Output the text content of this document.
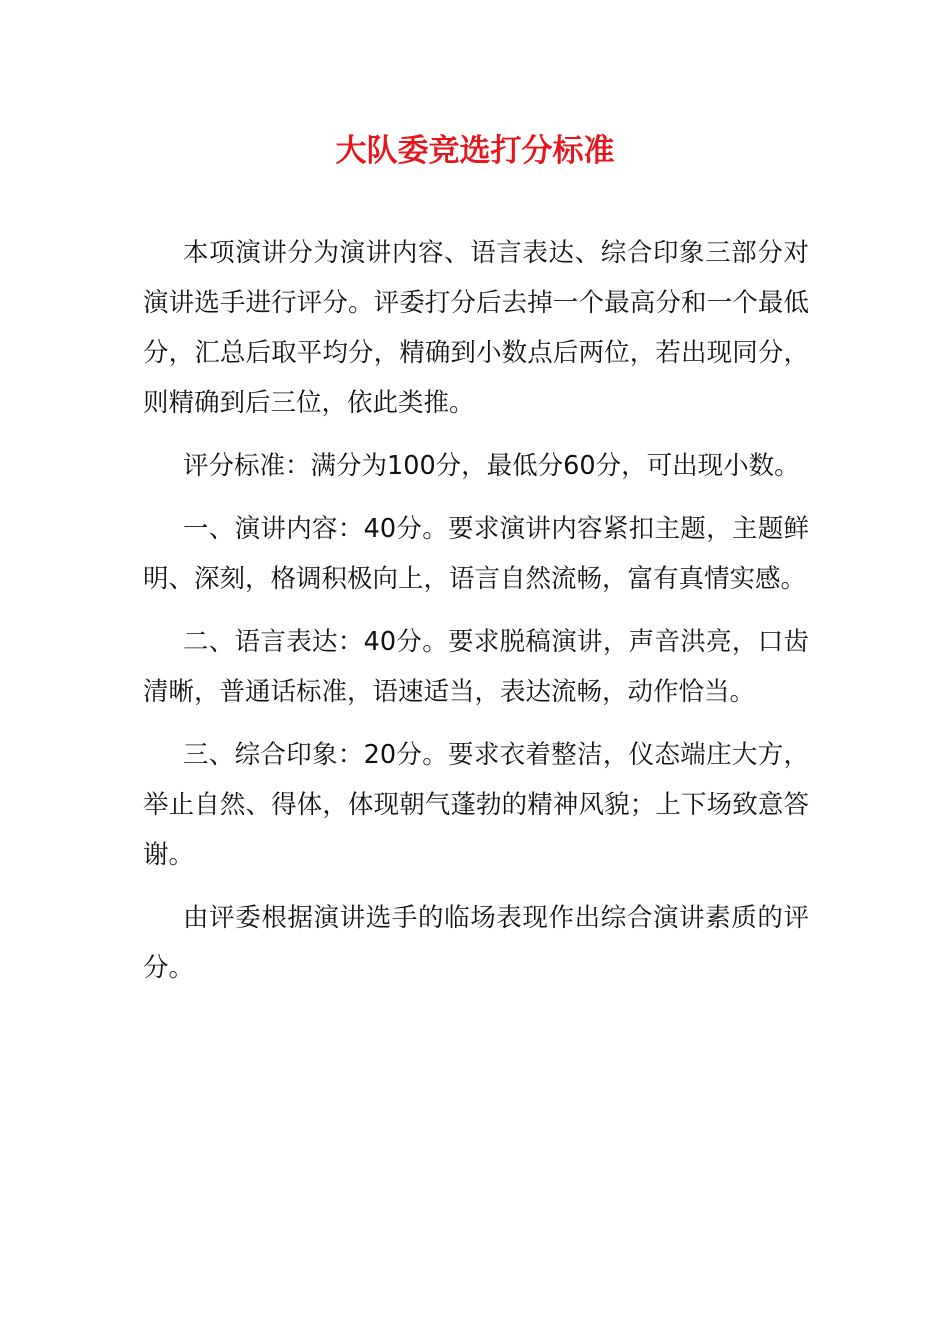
大队委竞选打分标准

本项演讲分为演讲内容、语言表达、综合印象三部分对演讲选手进行评分。评委打分后去掉一个最高分和一个最低分，汇总后取平均分，精确到小数点后两位，若出现同分，则精确到后三位，依此类推。

评分标准：满分为100分，最低分60分，可出现小数。

一、演讲内容：40分。要求演讲内容紧扣主题，主题鲜明、深刻，格调积极向上，语言自然流畅，富有真情实感。

二、语言表达：40分。要求脱稿演讲，声音洪亮，口齿清晰，普通话标准，语速适当，表达流畅，动作恰当。

三、综合印象：20分。要求衣着整洁，仪态端庄大方，举止自然、得体，体现朝气蓬勃的精神风貌；上下场致意答谢。

由评委根据演讲选手的临场表现作出综合演讲素质的评分。
